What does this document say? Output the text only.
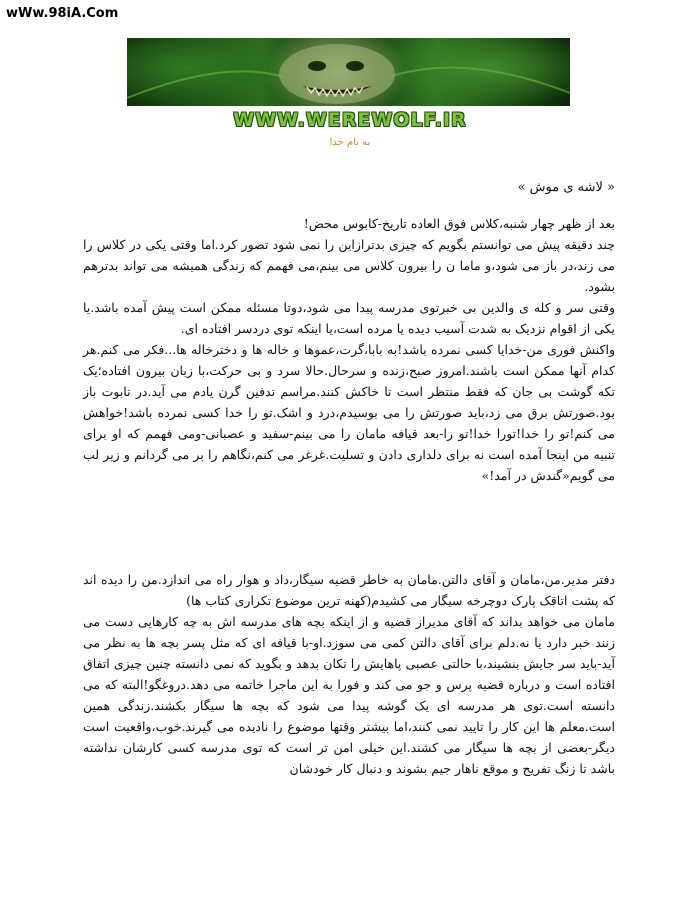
wWw.98iA.Com
WWW.WEREWOLF.IR
به نام خدا
« لاشه ی موش »

بعد از ظهر چهار شنبه،کلاس فوق العاده تاریخ-کابوس محض!

چند دقیقه پیش می توانستم بگویم که چیزی بدترازاین را نمی شود تصور کرد.اما وقتی یکی در کلاس را می زند،در باز می شود،و ماما ن را بیرون کلاس می بینم،می فهمم که زندگی همیشه می تواند بدترهم بشود.

وقتی سر و کله ی والدین بی خبرتوی مدرسه پیدا می شود،دوتا مسئله ممکن است پیش آمده باشد.یا یکی از اقوام نزدیک به شدت آسیب دیده یا مرده است،یا اینکه توی دردسر افتاده ای.

واکنش فوری من-خدایا کسی نمرده باشد!به بابا،گرت،عموها و خاله ها و دخترخاله ها...فکر می کنم.هر کدام آنها ممکن است باشند.امروز صبح،زنده و سرحال.حالا سرد و بی حرکت،با زبان بیرون افتاده؛یک تکه گوشت بی جان که فقط منتظر است تا خاکش کنند.مراسم تدفین گرن یادم می آید.در تابوت باز بود.صورتش برق می زد،باید صورتش را می بوسیدم،درد و اشک.تو را خدا کسی نمرده باشد!خواهش می کنم!تو را خدا!تورا خدا!تو را-بعد قیافه مامان را می بینم-سفید و عصبانی-ومی فهمم که او برای تنبیه من اینجا آمده است نه برای دلداری دادن و تسلیت.غرغر می کنم،نگاهم را بر می گردانم و زیر لب می گویم«گندش در آمد!»

دفتر مدیر.من،مامان و آقای دالتن.مامان به خاطر قضیه سیگار،داد و هوار راه می اندازد.من را دیده اند که پشت اتاقک پارک دوچرخه سیگار می کشیدم(کهنه ترین موضوع تکراری کتاب ها)

مامان می خواهد بداند که آقای مدیراز قضیه و از اینکه بچه های مدرسه اش به چه کارهایی دست می زنند خبر دارد یا نه.دلم برای آقای دالتن کمی می سوزد.او-با قیافه ای که مثل پسر بچه ها به نظر می آید-باید سر جایش بنشیند،با حالتی عصبی پاهایش را تکان بدهد و بگوید که نمی دانسته چنین چیزی اتفاق افتاده است و درباره قضیه پرس و جو می کند و فورا به این ماجرا خاتمه می دهد.دروغگو!البته که می دانسته است.توی هر مدرسه ای یک گوشه پیدا می شود که بچه ها سیگار بکشند.زندگی همین است.معلم ها این کار را تایید نمی کنند،اما بیشتر وقتها موضوع را نادیده می گیرند.خوب،واقعیت است دیگر-بعضی از بچه ها سیگار می کشند.این خیلی امن تر است که توی مدرسه کسی کارشان نداشته باشد تا زنگ تفریح و موقع ناهار جیم بشوند و دنبال کار خودشان
